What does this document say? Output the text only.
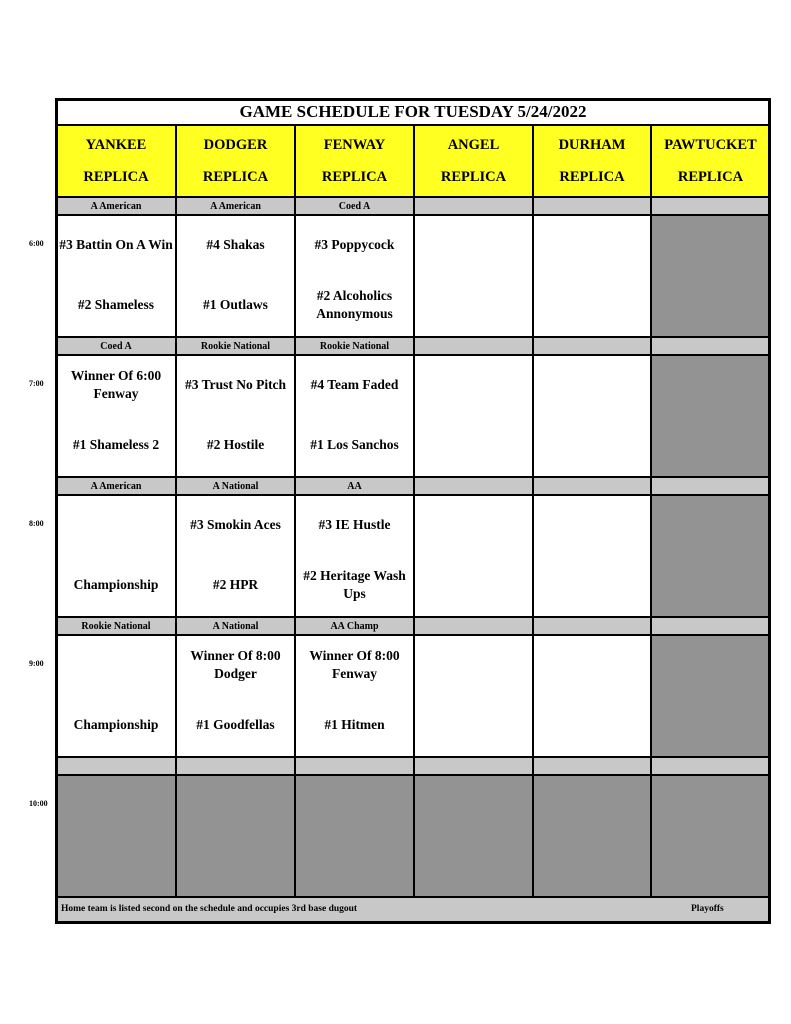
GAME SCHEDULE FOR TUESDAY 5/24/2022
YANKEE
REPLICA
DODGER
REPLICA
FENWAY
REPLICA
ANGEL
REPLICA
DURHAM
REPLICA
PAWTUCKET
REPLICA
6:00
A American
#3 Battin On A Win
#2 Shameless
A American
#4 Shakas
#1 Outlaws
Coed A
#3 Poppycock
#2 Alcoholics Annonymous
7:00
Coed A
Winner Of 6:00 Fenway
#1 Shameless 2
Rookie National
#3 Trust No Pitch
#2 Hostile
Rookie National
#4 Team Faded
#1 Los Sanchos
8:00
A American
Championship
A National
#3 Smokin Aces
#2 HPR
AA
#3 IE Hustle
#2 Heritage Wash Ups
9:00
Rookie National
Championship
A National
Winner Of 8:00 Dodger
#1 Goodfellas
AA Champ
Winner Of 8:00 Fenway
#1 Hitmen
10:00
Home team is listed second on the schedule and occupies 3rd base dugout	Playoffs
